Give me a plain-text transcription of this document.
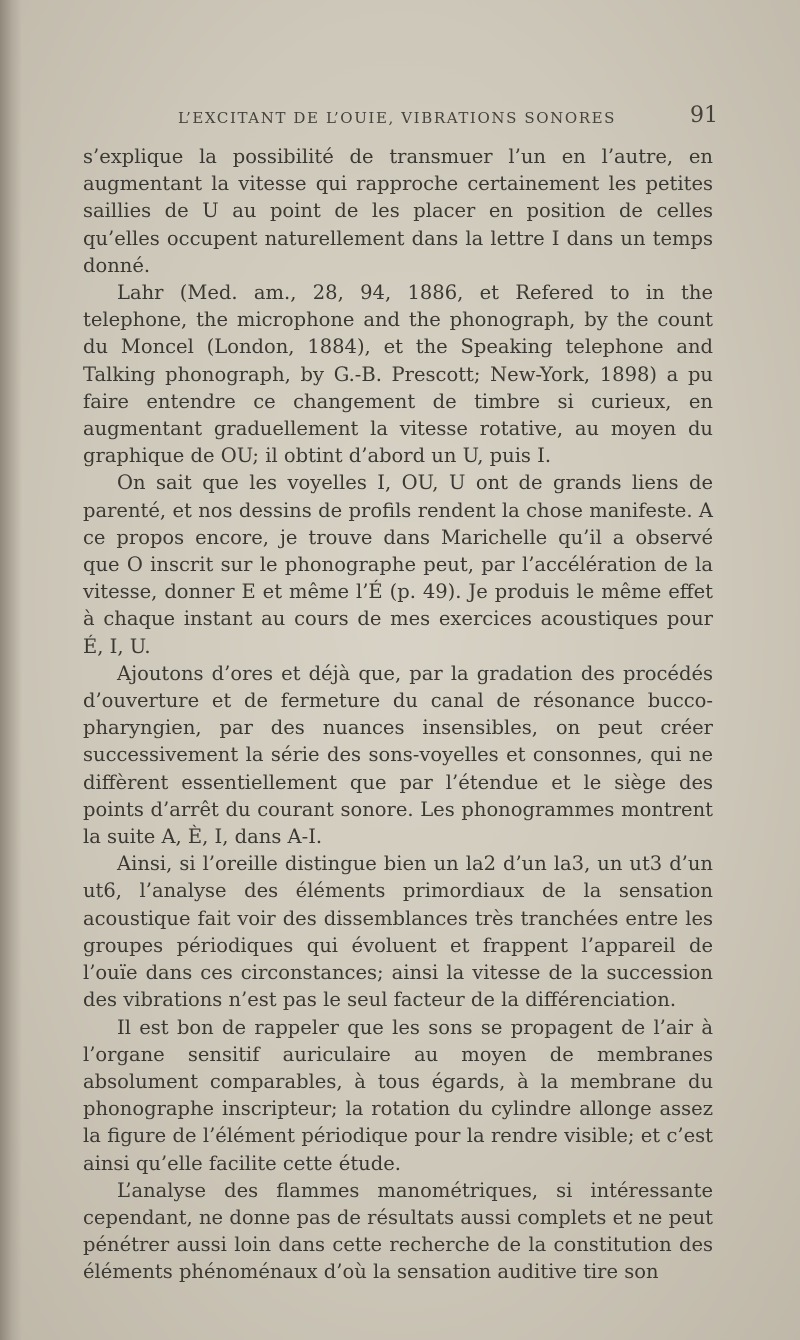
L’EXCITANT DE L’OUIE, VIBRATIONS SONORES	91

s’explique la possibilité de transmuer l’un en l’autre, en augmentant la vitesse qui rapproche certainement les petites saillies de U au point de les placer en position de celles qu’elles occupent naturellement dans la lettre I dans un temps donné.

Lahr (Med. am., 28, 94, 1886, et Refered to in the telephone, the microphone and the phonograph, by the count du Moncel (London, 1884), et the Speaking telephone and Talking phonograph, by G.-B. Prescott; New-York, 1898) a pu faire entendre ce changement de timbre si curieux, en augmentant graduellement la vitesse rotative, au moyen du graphique de OU; il obtint d’abord un U, puis I.

On sait que les voyelles I, OU, U ont de grands liens de parenté, et nos dessins de profils rendent la chose manifeste. A ce propos encore, je trouve dans Marichelle qu’il a observé que O inscrit sur le phonographe peut, par l’accélération de la vitesse, donner E et même l’É (p. 49). Je produis le même effet à chaque instant au cours de mes exercices acoustiques pour É, I, U.

Ajoutons d’ores et déjà que, par la gradation des procédés d’ouverture et de fermeture du canal de résonance bucco-pharyngien, par des nuances insensibles, on peut créer successivement la série des sons-voyelles et consonnes, qui ne diffèrent essentiellement que par l’étendue et le siège des points d’arrêt du courant sonore. Les phonogrammes montrent la suite A, È, I, dans A-I.

Ainsi, si l’oreille distingue bien un la2 d’un la3, un ut3 d’un ut6, l’analyse des éléments primordiaux de la sensation acoustique fait voir des dissemblances très tranchées entre les groupes périodiques qui évoluent et frappent l’appareil de l’ouïe dans ces circonstances; ainsi la vitesse de la succession des vibrations n’est pas le seul facteur de la différenciation.

Il est bon de rappeler que les sons se propagent de l’air à l’organe sensitif auriculaire au moyen de membranes absolument comparables, à tous égards, à la membrane du phonographe inscripteur; la rotation du cylindre allonge assez la figure de l’élément périodique pour la rendre visible; et c’est ainsi qu’elle facilite cette étude.

L’analyse des flammes manométriques, si intéressante cependant, ne donne pas de résultats aussi complets et ne peut pénétrer aussi loin dans cette recherche de la constitution des éléments phénoménaux d’où la sensation auditive tire son
